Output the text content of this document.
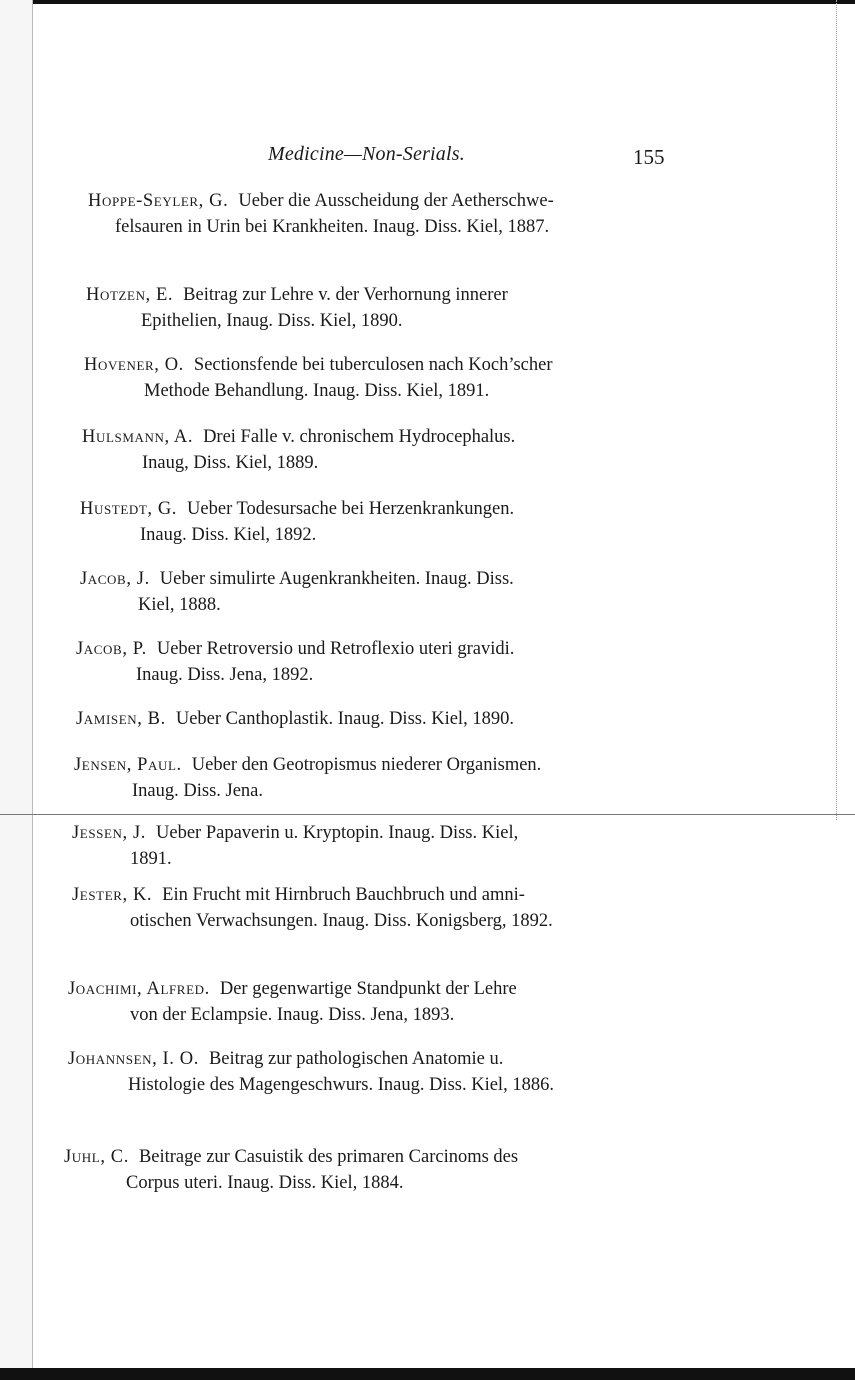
Medicine—Non-Serials.	155
Hoppe-Seyler, G. Ueber die Ausscheidung der Aetherschwe-
felsauren in Urin bei Krankheiten. Inaug. Diss. Kiel, 1887.
Hotzen, E. Beitrag zur Lehre v. der Verhornung innerer
Epithelien, Inaug. Diss. Kiel, 1890.
Hovener, O. Sectionsfende bei tuberculosen nach Koch’scher
Methode Behandlung. Inaug. Diss. Kiel, 1891.
Hulsmann, A. Drei Falle v. chronischem Hydrocephalus.
Inaug, Diss. Kiel, 1889.
Hustedt, G. Ueber Todesursache bei Herzenkrankungen.
Inaug. Diss. Kiel, 1892.
Jacob, J. Ueber simulirte Augenkrankheiten. Inaug. Diss.
Kiel, 1888.
Jacob, P. Ueber Retroversio und Retroflexio uteri gravidi.
Inaug. Diss. Jena, 1892.
Jamisen, B. Ueber Canthoplastik. Inaug. Diss. Kiel, 1890.
Jensen, Paul. Ueber den Geotropismus niederer Organismen.
Inaug. Diss. Jena.
Jessen, J. Ueber Papaverin u. Kryptopin. Inaug. Diss. Kiel,
1891.
Jester, K. Ein Frucht mit Hirnbruch Bauchbruch und amni-
otischen Verwachsungen. Inaug. Diss. Konigsberg, 1892.
Joachimi, Alfred. Der gegenwartige Standpunkt der Lehre
von der Eclampsie. Inaug. Diss. Jena, 1893.
Johannsen, I. O. Beitrag zur pathologischen Anatomie u.
Histologie des Magengeschwurs. Inaug. Diss. Kiel, 1886.
Juhl, C. Beitrage zur Casuistik des primaren Carcinoms des
Corpus uteri. Inaug. Diss. Kiel, 1884.
